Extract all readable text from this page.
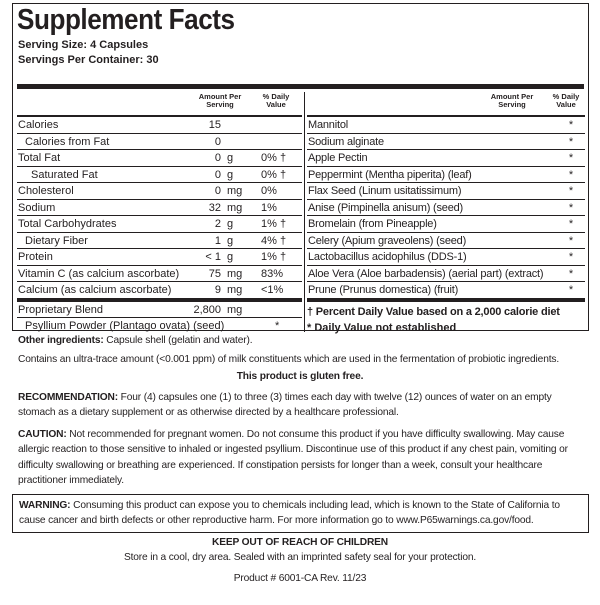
Supplement Facts
Serving Size: 4 Capsules
Servings Per Container: 30
Amount Per Serving
% Daily Value
Calories	15
Calories from Fat	0
Total Fat	0 g	0% †
Saturated Fat	0 g	0% †
Cholesterol	0 mg 0%
Sodium	32 mg 1%
Total Carbohydrates	2 g	1% †
Dietary Fiber	1 g	4% †
Protein	< 1 g	1% †
Vitamin C (as calcium ascorbate)	75 mg 83%
Calcium (as calcium ascorbate)	9 mg <1%
Proprietary Blend	2,800 mg
Psyllium Powder (Plantago ovata) (seed)	*
Amount Per Serving
% Daily Value
Mannitol	*
Sodium alginate	*
Apple Pectin	*
Peppermint (Mentha piperita) (leaf)	*
Flax Seed (Linum usitatissimum)	*
Anise (Pimpinella anisum) (seed)	*
Bromelain (from Pineapple)	*
Celery (Apium graveolens) (seed)	*
Lactobacillus acidophilus (DDS-1)	*
Aloe Vera (Aloe barbadensis) (aerial part) (extract)	*
Prune (Prunus domestica) (fruit)	*
† Percent Daily Value based on a 2,000 calorie diet
* Daily Value not established
Other ingredients: Capsule shell (gelatin and water).
Contains an ultra-trace amount (<0.001 ppm) of milk constituents which are used in the fermentation of probiotic ingredients.
This product is gluten free.
RECOMMENDATION: Four (4) capsules one (1) to three (3) times each day with twelve (12) ounces of water on an empty stomach as a dietary supplement or as otherwise directed by a healthcare professional.
CAUTION: Not recommended for pregnant women. Do not consume this product if you have difficulty swallowing. May cause allergic reaction to those sensitive to inhaled or ingested psyllium. Discontinue use of this product if any chest pain, vomiting or difficulty swallowing or breathing are experienced. If constipation persists for longer than a week, consult your healthcare practitioner immediately.
WARNING: Consuming this product can expose you to chemicals including lead, which is known to the State of California to cause cancer and birth defects or other reproductive harm. For more information go to www.P65warnings.ca.gov/food.
KEEP OUT OF REACH OF CHILDREN
Store in a cool, dry area. Sealed with an imprinted safety seal for your protection.
Product # 6001-CA Rev. 11/23
